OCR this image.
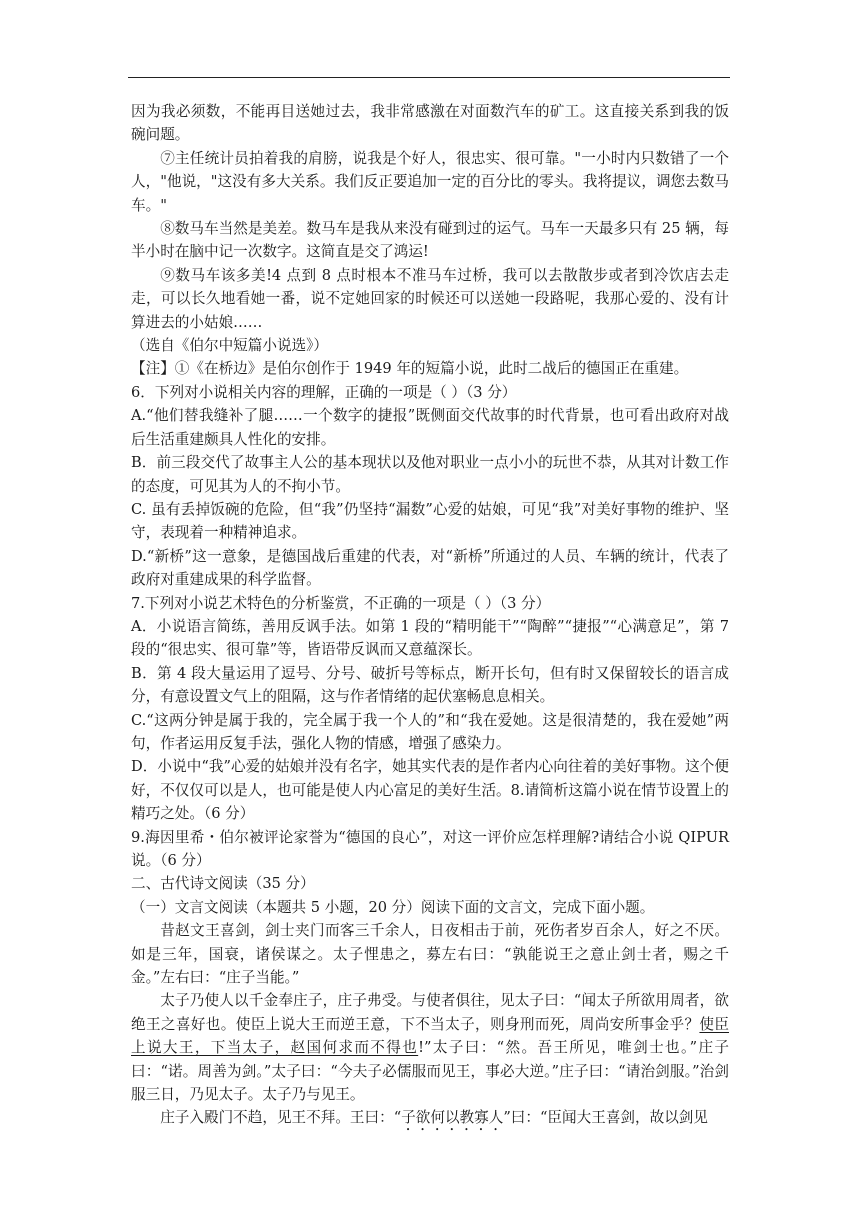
因为我必须数，不能再目送她过去，我非常感激在对面数汽车的矿工。这直接关系到我的饭碗问题。

⑦主任统计员拍着我的肩膀，说我是个好人，很忠实、很可靠。"一小时内只数错了一个人，"他说，"这没有多大关系。我们反正要追加一定的百分比的零头。我将提议，调您去数马车。"

⑧数马车当然是美差。数马车是我从来没有碰到过的运气。马车一天最多只有 25 辆，每半小时在脑中记一次数字。这简直是交了鸿运!

⑨数马车该多美!4 点到 8 点时根本不准马车过桥，我可以去散散步或者到冷饮店去走走，可以长久地看她一番，说不定她回家的时候还可以送她一段路呢，我那心爱的、没有计算进去的小姑娘……

（选自《伯尔中短篇小说选》）

【注】①《在桥边》是伯尔创作于 1949 年的短篇小说，此时二战后的德国正在重建。

6．下列对小说相关内容的理解，正确的一项是（ ）（3 分）

A.“他们替我缝补了腿……一个数字的捷报”既侧面交代故事的时代背景，也可看出政府对战后生活重建颇具人性化的安排。

B．前三段交代了故事主人公的基本现状以及他对职业一点小小的玩世不恭，从其对计数工作的态度，可见其为人的不拘小节。

C. 虽有丢掉饭碗的危险，但“我”仍坚持“漏数”心爱的姑娘，可见“我”对美好事物的维护、坚守，表现着一种精神追求。

D.“新桥”这一意象，是德国战后重建的代表，对“新桥”所通过的人员、车辆的统计，代表了政府对重建成果的科学监督。

7.下列对小说艺术特色的分析鉴赏，不正确的一项是（ ）（3 分）

A．小说语言简练，善用反讽手法。如第 1 段的“精明能干”“陶醉”“捷报”“心满意足”，第 7 段的“很忠实、很可靠”等，皆语带反讽而又意蕴深长。

B．第 4 段大量运用了逗号、分号、破折号等标点，断开长句，但有时又保留较长的语言成分，有意设置文气上的阻隔，这与作者情绪的起伏塞畅息息相关。

C.“这两分钟是属于我的，完全属于我一个人的”和“我在爱她。这是很清楚的，我在爱她”两句，作者运用反复手法，强化人物的情感，增强了感染力。

D．小说中“我”心爱的姑娘并没有名字，她其实代表的是作者内心向往着的美好事物。这个便好，不仅仅可以是人，也可能是使人内心富足的美好生活。8.请简析这篇小说在情节设置上的精巧之处。（6 分）

9.海因里希・伯尔被评论家誉为“德国的良心”，对这一评价应怎样理解?请结合小说 QIPUR 说。（6 分）

二、古代诗文阅读（35 分）

（一）文言文阅读（本题共 5 小题，20 分）阅读下面的文言文，完成下面小题。

昔赵文王喜剑，剑士夹门而客三千余人，日夜相击于前，死伤者岁百余人，好之不厌。如是三年，国衰，诸侯谋之。太子悝患之，募左右曰：“孰能说王之意止剑士者，赐之千金。”左右曰：“庄子当能。”

太子乃使人以千金奉庄子，庄子弗受。与使者俱往，见太子曰：“闻太子所欲用周者，欲绝王之喜好也。使臣上说大王而逆王意，下不当太子，则身刑而死，周尚安所事金乎？使臣上说大王，下当太子，赵国何求而不得也!”太子曰：“然。吾王所见，唯剑士也。”庄子曰：“诺。周善为剑。”太子曰：“今夫子必儒服而见王，事必大逆。”庄子曰：“请治剑服。”治剑服三日，乃见太子。太子乃与见王。

庄子入殿门不趋，见王不拜。王曰：“子欲何以教寡人”曰：“臣闻大王喜剑，故以剑见
